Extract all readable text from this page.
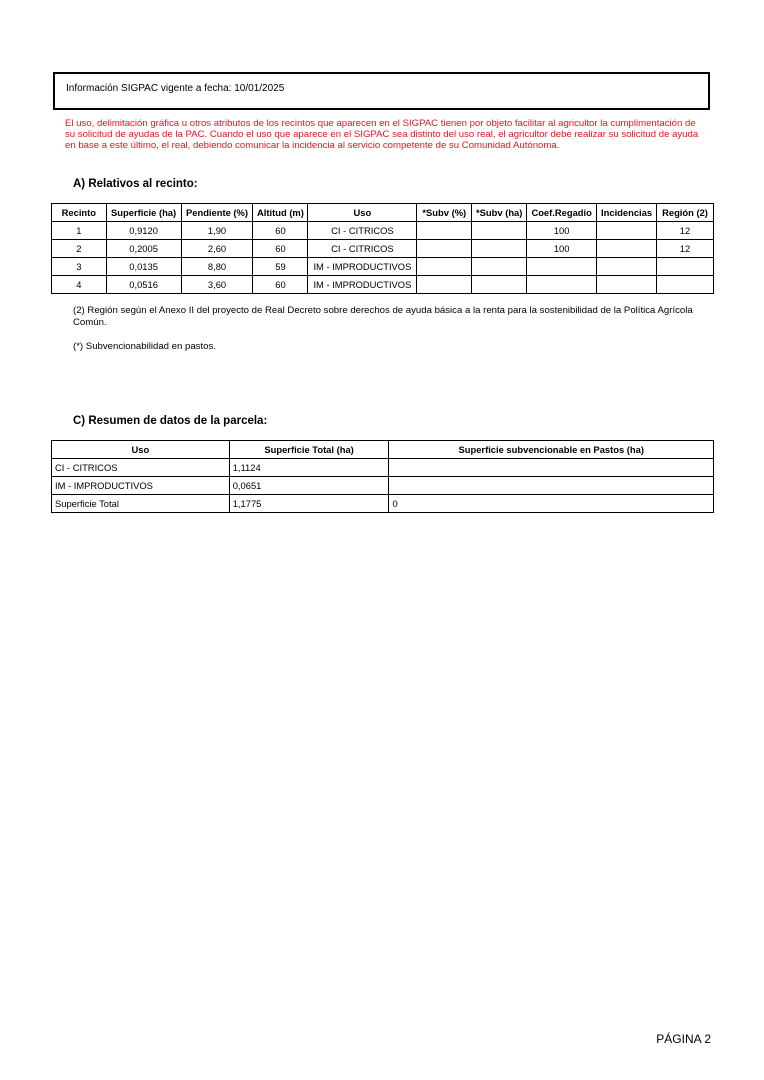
Información SIGPAC vigente a fecha: 10/01/2025
El uso, delimitación gráfica u otros atributos de los recintos que aparecen en el SIGPAC tienen por objeto facilitar al agricultor la cumplimentación de su solicitud de ayudas de la PAC. Cuando el uso que aparece en el SIGPAC sea distinto del uso real, el agricultor debe realizar su solicitud de ayuda en base a este último, el real, debiendo comunicar la incidencia al servicio competente de su Comunidad Autónoma.
A) Relativos al recinto:
Recinto	Superficie (ha)	Pendiente (%)	Altitud (m)	Uso	*Subv (%)	*Subv (ha)	Coef.Regadio	Incidencias	Región (2)
1	0,9120	1,90	60	CI - CITRICOS			100		12
2	0,2005	2,60	60	CI - CITRICOS			100		12
3	0,0135	8,80	59	IM - IMPRODUCTIVOS					
4	0,0516	3,60	60	IM - IMPRODUCTIVOS					
(2) Región según el Anexo II del proyecto de Real Decreto sobre derechos de ayuda básica a la renta para la sostenibilidad de la Política Agrícola Común.
(*) Subvencionabilidad en pastos.
C) Resumen de datos de la parcela:
Uso	Superficie Total (ha)	Superficie subvencionable en Pastos (ha)
CI - CITRICOS	1,1124	
IM - IMPRODUCTIVOS	0,0651	
Superficie Total	1,1775	0
PÁGINA 2
